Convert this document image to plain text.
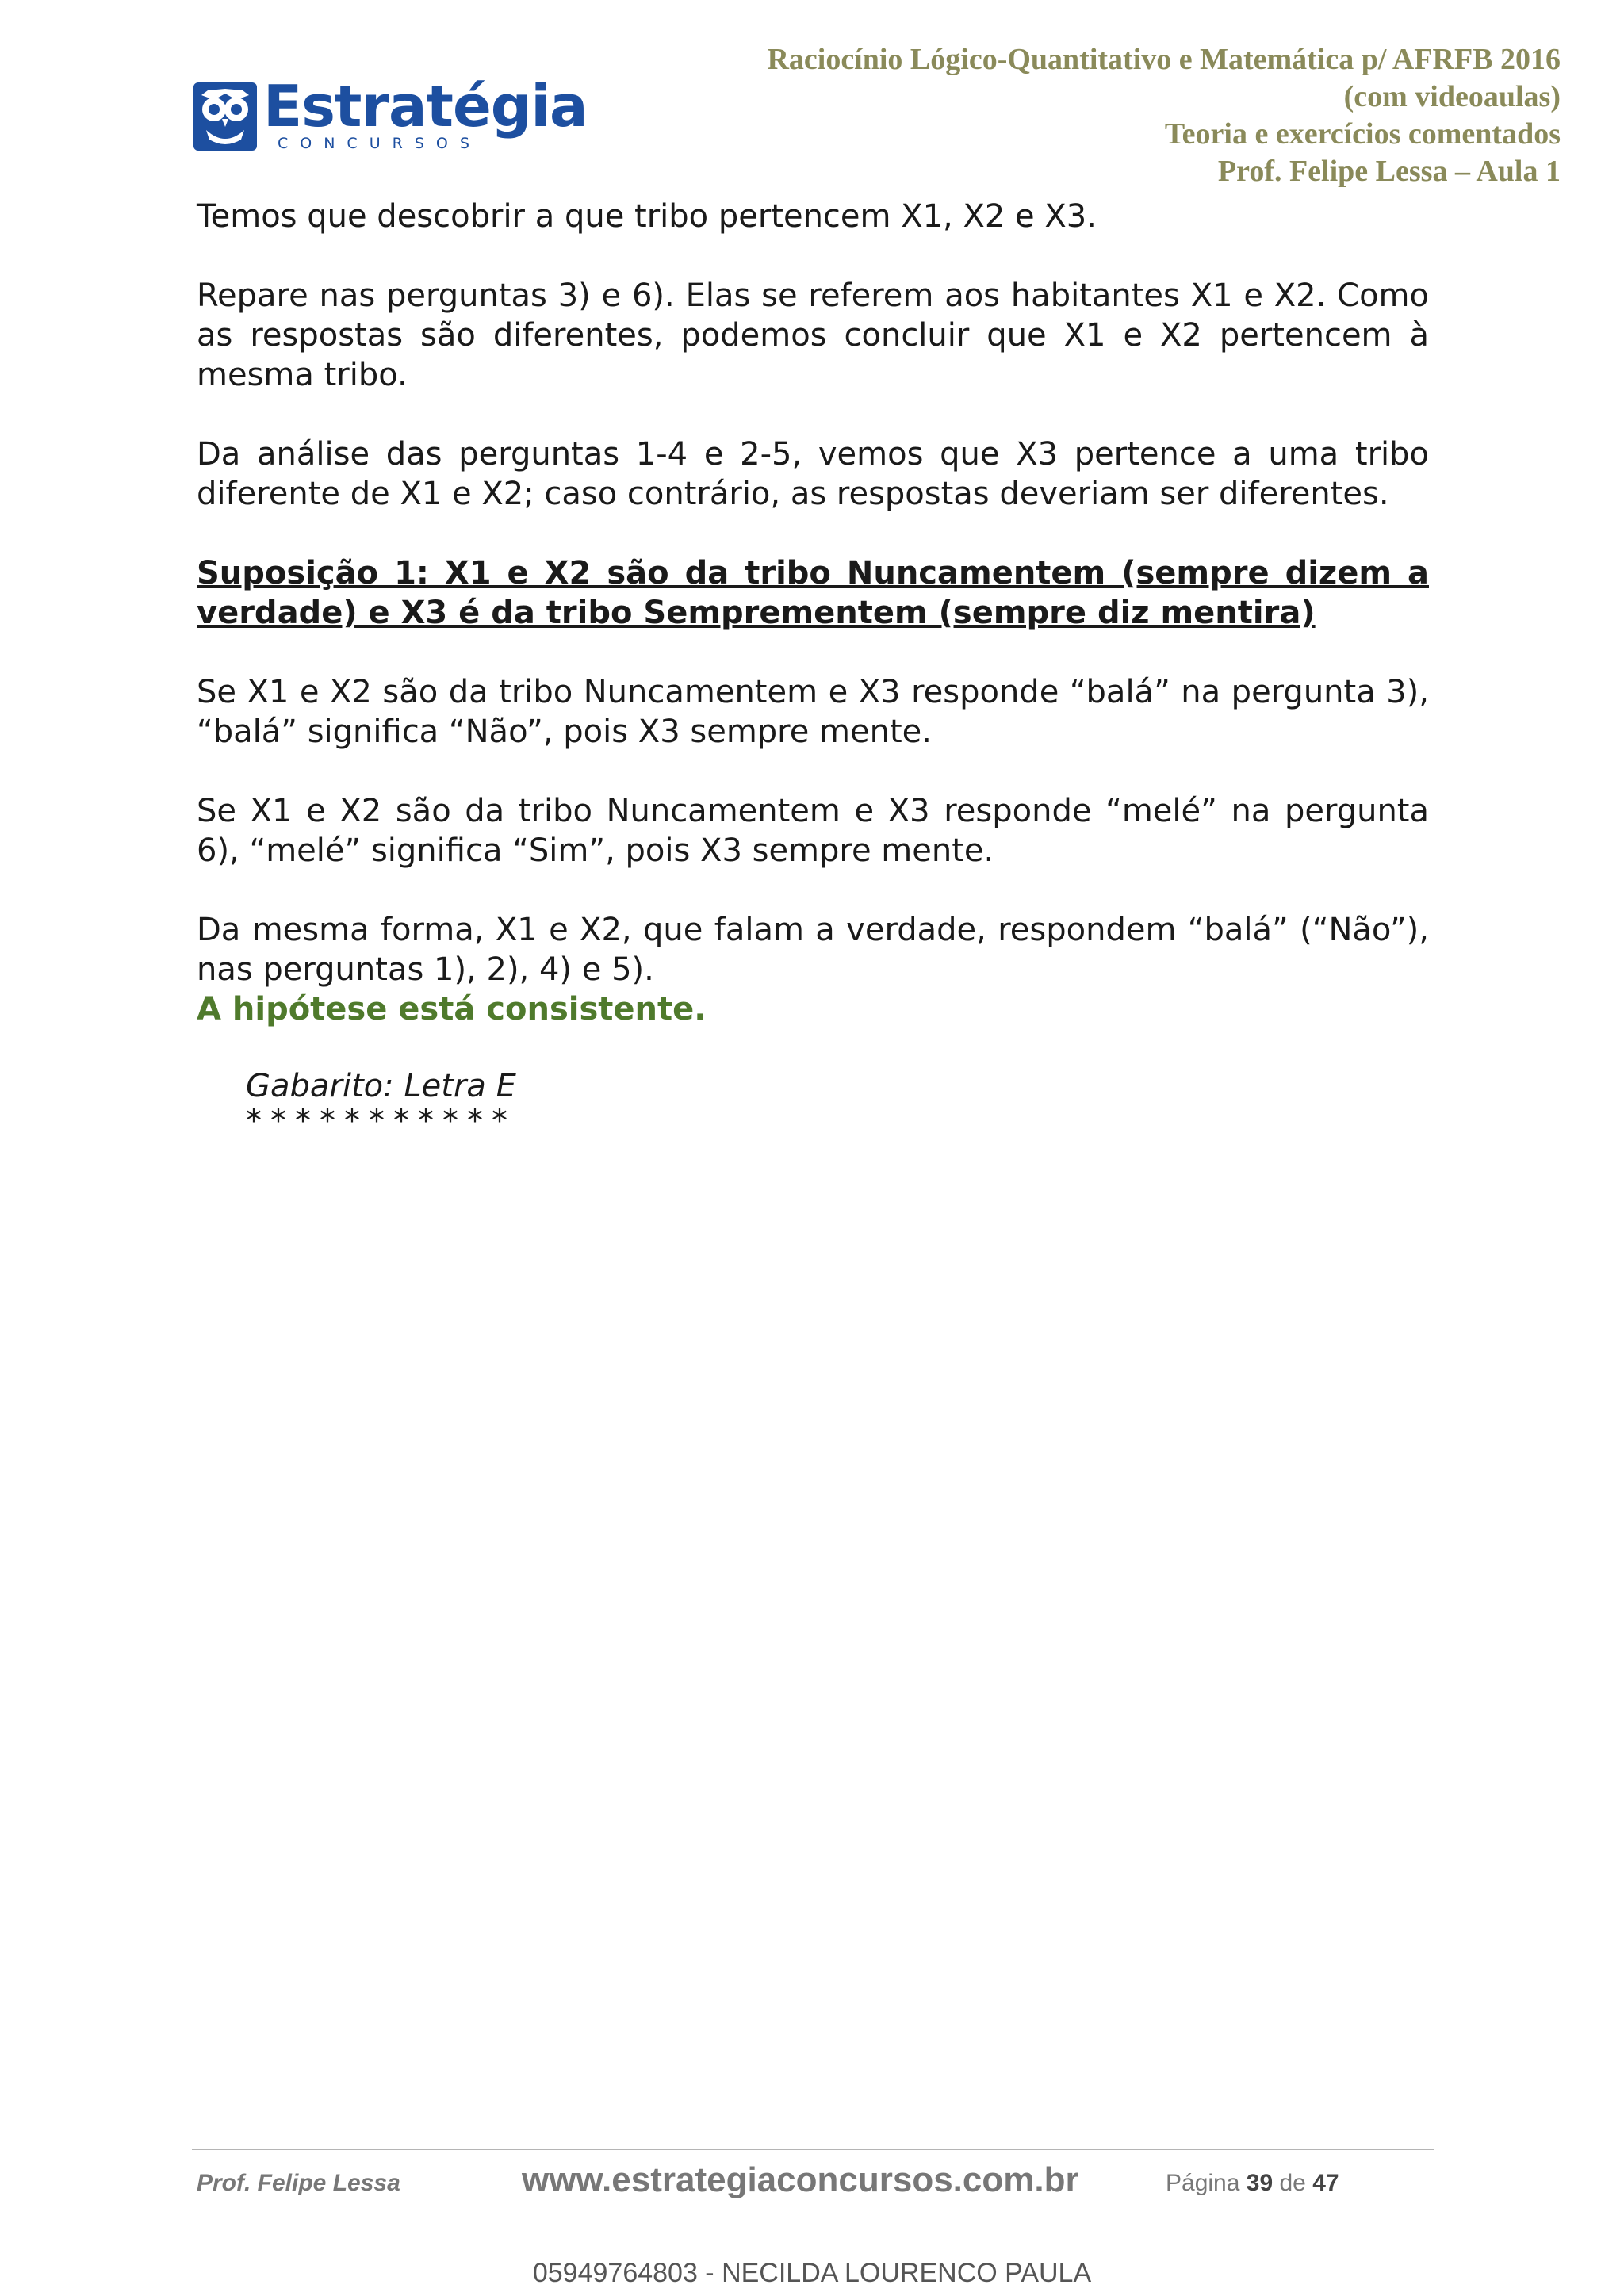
Estratégia
CONCURSOS
Raciocínio Lógico-Quantitativo e Matemática p/ AFRFB 2016
(com videoaulas)
Teoria e exercícios comentados
Prof. Felipe Lessa – Aula 1

Temos que descobrir a que tribo pertencem X1, X2 e X3.

Repare nas perguntas 3) e 6). Elas se referem aos habitantes X1 e X2. Como as respostas são diferentes, podemos concluir que X1 e X2 pertencem à mesma tribo.

Da análise das perguntas 1-4 e 2-5, vemos que X3 pertence a uma tribo diferente de X1 e X2; caso contrário, as respostas deveriam ser diferentes.

Suposição 1: X1 e X2 são da tribo Nuncamentem (sempre dizem a verdade) e X3 é da tribo Semprementem (sempre diz mentira)

Se X1 e X2 são da tribo Nuncamentem e X3 responde “balá” na pergunta 3), “balá” significa “Não”, pois X3 sempre mente.

Se X1 e X2 são da tribo Nuncamentem e X3 responde “melé” na pergunta 6), “melé” significa “Sim”, pois X3 sempre mente.

Da mesma forma, X1 e X2, que falam a verdade, respondem “balá” (“Não”), nas perguntas 1), 2), 4) e 5).

A hipótese está consistente.

Gabarito: Letra E
***********
Prof. Felipe Lessa	www.estrategiaconcursos.com.br	Página 39 de 47
05949764803 - NECILDA LOURENCO PAULA
